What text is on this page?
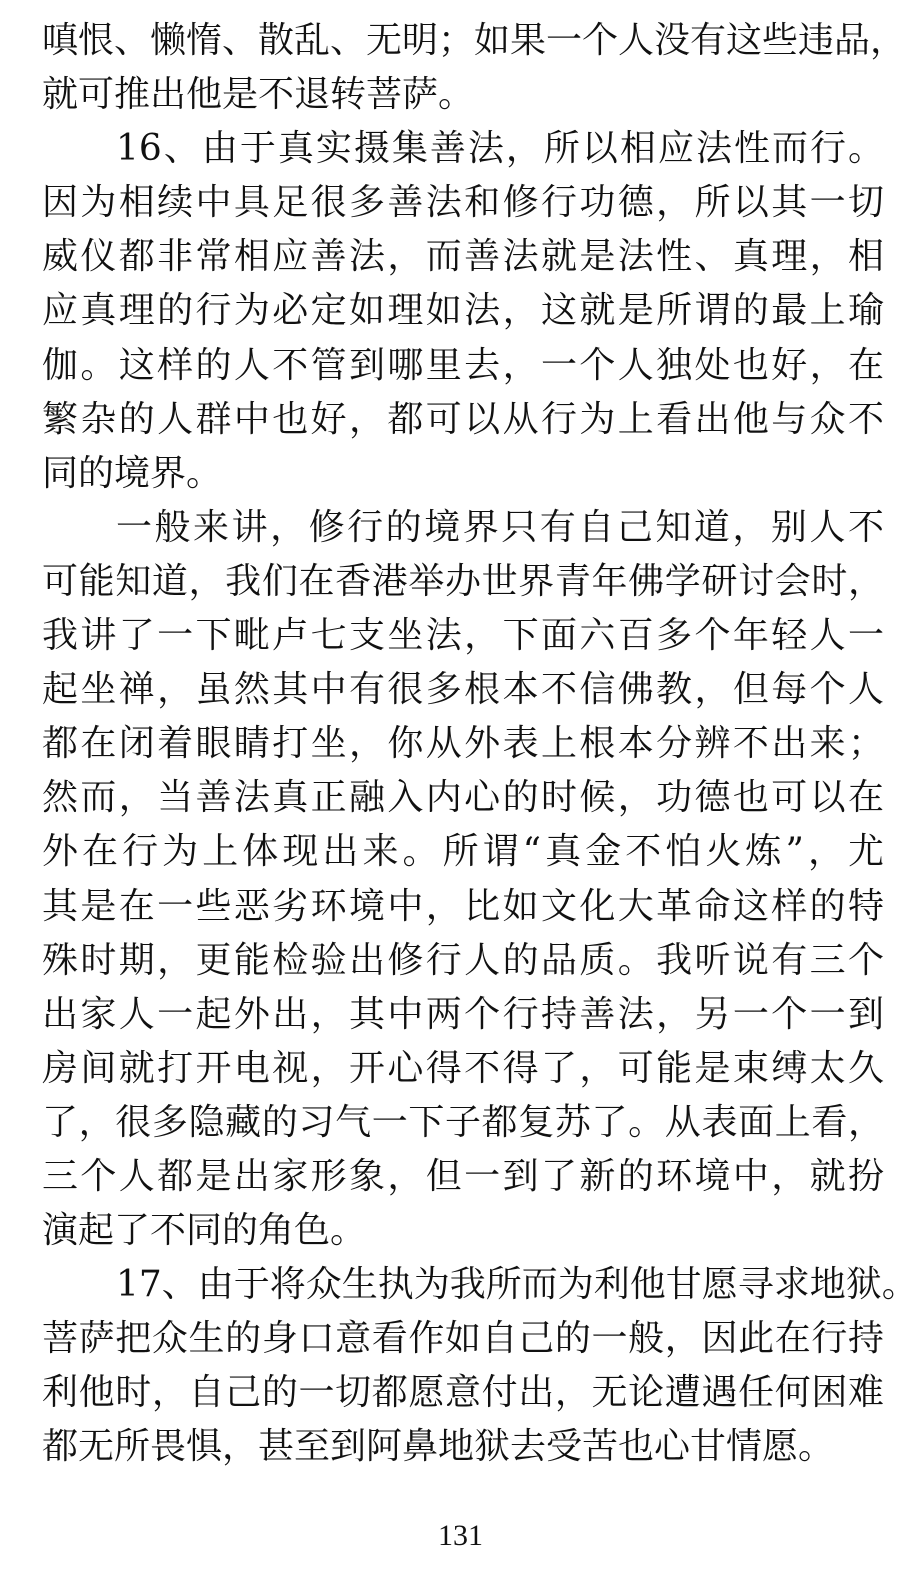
嗔恨、懒惰、散乱、无明；如果一个人没有这些违品，
就可推出他是不退转菩萨。
16、由于真实摄集善法，所以相应法性而行。
因为相续中具足很多善法和修行功德，所以其一切
威仪都非常相应善法，而善法就是法性、真理，相
应真理的行为必定如理如法，这就是所谓的最上瑜
伽。这样的人不管到哪里去，一个人独处也好，在
繁杂的人群中也好，都可以从行为上看出他与众不
同的境界。
一般来讲，修行的境界只有自己知道，别人不
可能知道，我们在香港举办世界青年佛学研讨会时，
我讲了一下毗卢七支坐法，下面六百多个年轻人一
起坐禅，虽然其中有很多根本不信佛教，但每个人
都在闭着眼睛打坐，你从外表上根本分辨不出来；
然而，当善法真正融入内心的时候，功德也可以在
外在行为上体现出来。所谓“真金不怕火炼”，尤
其是在一些恶劣环境中，比如文化大革命这样的特
殊时期，更能检验出修行人的品质。我听说有三个
出家人一起外出，其中两个行持善法，另一个一到
房间就打开电视，开心得不得了，可能是束缚太久
了，很多隐藏的习气一下子都复苏了。从表面上看，
三个人都是出家形象，但一到了新的环境中，就扮
演起了不同的角色。
17、由于将众生执为我所而为利他甘愿寻求地狱。
菩萨把众生的身口意看作如自己的一般，因此在行持
利他时，自己的一切都愿意付出，无论遭遇任何困难
都无所畏惧，甚至到阿鼻地狱去受苦也心甘情愿。
131
